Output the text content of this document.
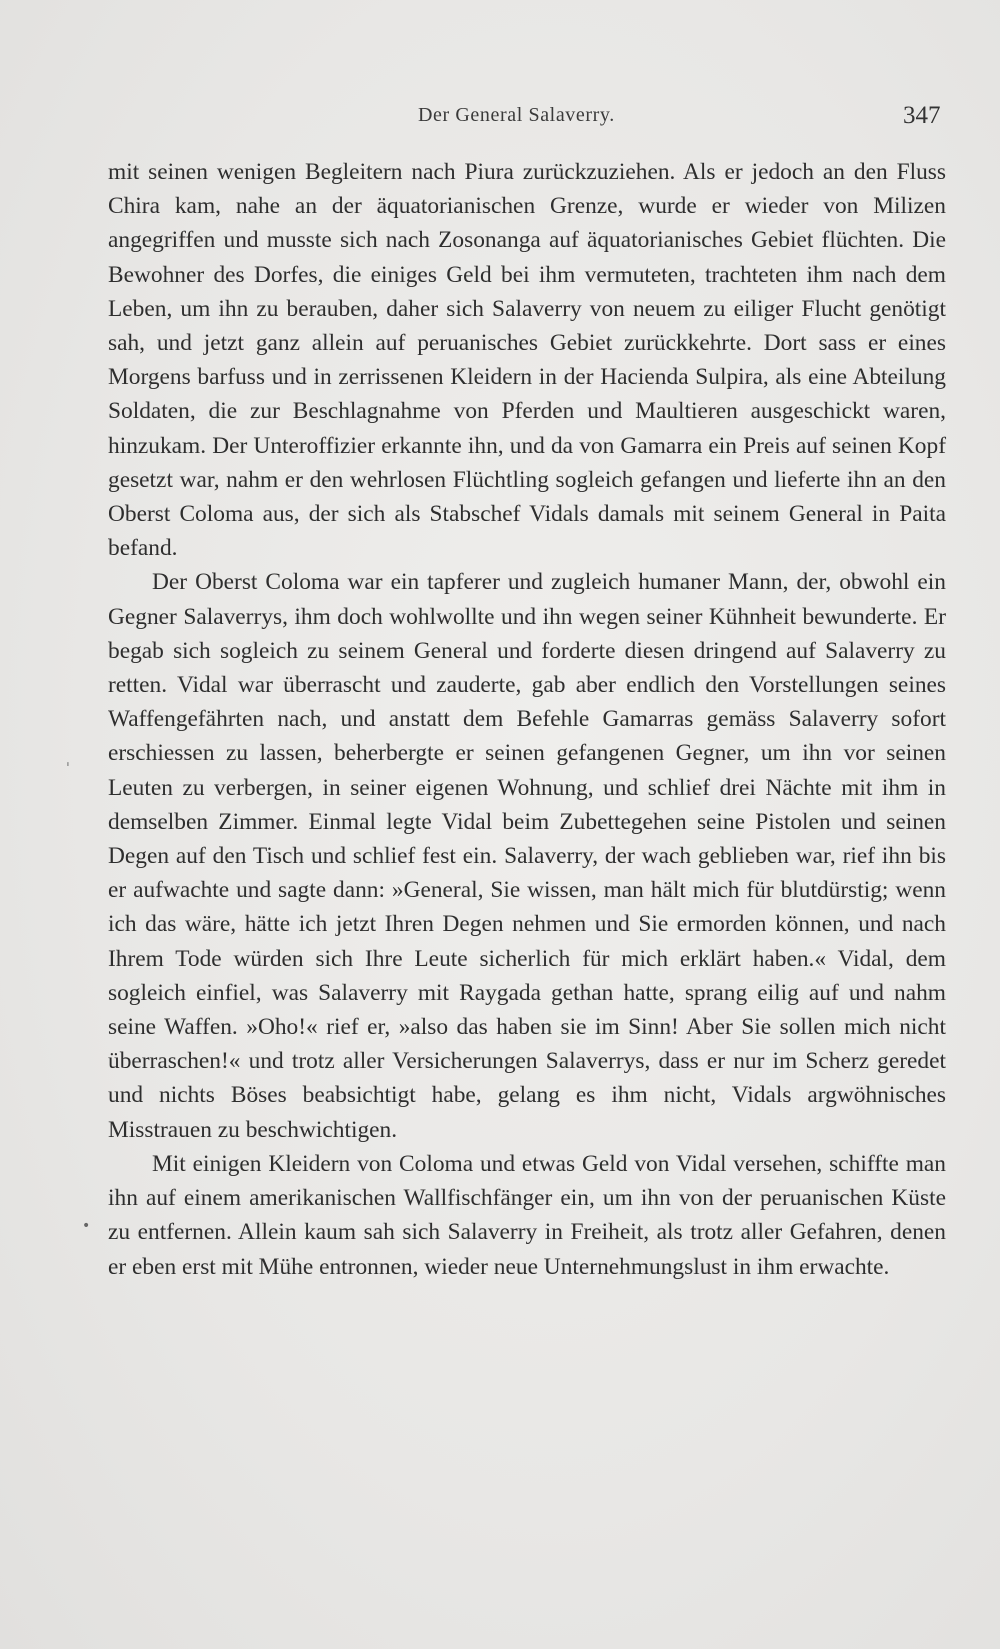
Der General Salaverry.	347

mit seinen wenigen Begleitern nach Piura zurückzuziehen. Als er jedoch an den Fluss Chira kam, nahe an der äquatorianischen Grenze, wurde er wieder von Milizen angegriffen und musste sich nach Zosonanga auf äquatorianisches Gebiet flüchten. Die Bewohner des Dorfes, die einiges Geld bei ihm vermuteten, trachteten ihm nach dem Leben, um ihn zu berauben, daher sich Salaverry von neuem zu eiliger Flucht genötigt sah, und jetzt ganz allein auf peruanisches Gebiet zurückkehrte. Dort sass er eines Morgens barfuss und in zerrissenen Kleidern in der Hacienda Sulpira, als eine Abteilung Soldaten, die zur Beschlagnahme von Pferden und Maultieren ausgeschickt waren, hinzukam. Der Unteroffizier erkannte ihn, und da von Gamarra ein Preis auf seinen Kopf gesetzt war, nahm er den wehrlosen Flüchtling sogleich gefangen und lieferte ihn an den Oberst Coloma aus, der sich als Stabschef Vidals damals mit seinem General in Paita befand.

Der Oberst Coloma war ein tapferer und zugleich humaner Mann, der, obwohl ein Gegner Salaverrys, ihm doch wohlwollte und ihn wegen seiner Kühnheit bewunderte. Er begab sich sogleich zu seinem General und forderte diesen dringend auf Salaverry zu retten. Vidal war überrascht und zauderte, gab aber endlich den Vorstellungen seines Waffengefährten nach, und anstatt dem Befehle Gamarras gemäss Salaverry sofort erschiessen zu lassen, beherbergte er seinen gefangenen Gegner, um ihn vor seinen Leuten zu verbergen, in seiner eigenen Wohnung, und schlief drei Nächte mit ihm in demselben Zimmer. Einmal legte Vidal beim Zubettegehen seine Pistolen und seinen Degen auf den Tisch und schlief fest ein. Salaverry, der wach geblieben war, rief ihn bis er aufwachte und sagte dann: »General, Sie wissen, man hält mich für blutdürstig; wenn ich das wäre, hätte ich jetzt Ihren Degen nehmen und Sie ermorden können, und nach Ihrem Tode würden sich Ihre Leute sicherlich für mich erklärt haben.« Vidal, dem sogleich einfiel, was Salaverry mit Raygada gethan hatte, sprang eilig auf und nahm seine Waffen. »Oho!« rief er, »also das haben sie im Sinn! Aber Sie sollen mich nicht überraschen!« und trotz aller Versicherungen Salaverrys, dass er nur im Scherz geredet und nichts Böses beabsichtigt habe, gelang es ihm nicht, Vidals argwöhnisches Misstrauen zu beschwichtigen.

Mit einigen Kleidern von Coloma und etwas Geld von Vidal versehen, schiffte man ihn auf einem amerikanischen Wallfischfänger ein, um ihn von der peruanischen Küste zu entfernen. Allein kaum sah sich Salaverry in Freiheit, als trotz aller Gefahren, denen er eben erst mit Mühe entronnen, wieder neue Unternehmungslust in ihm erwachte.

ˌ
•
